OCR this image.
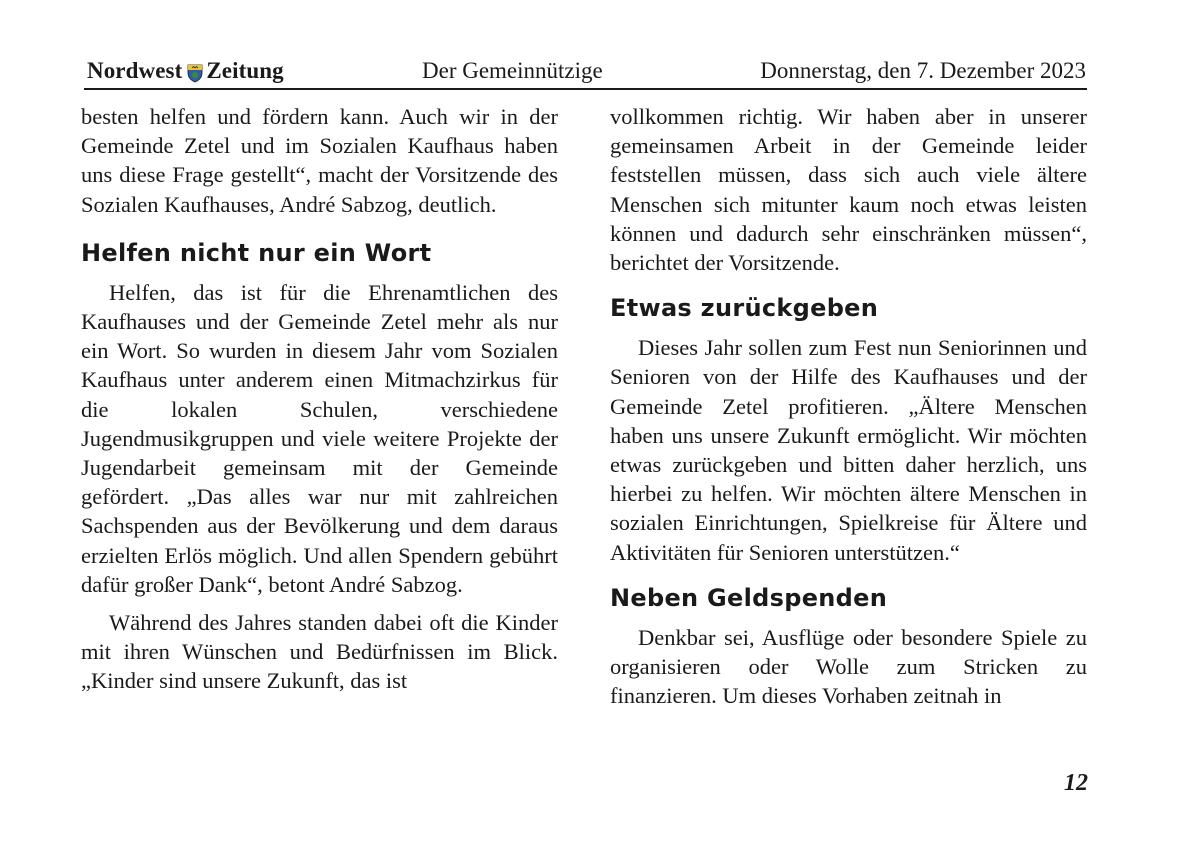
Nordwest Zeitung	Der Gemeinnützige	Donnerstag, den 7. Dezember 2023

besten helfen und fördern kann. Auch wir in der Gemeinde Zetel und im Sozialen Kaufhaus haben uns diese Frage gestellt“, macht der Vorsitzende des Sozialen Kaufhauses, André Sabzog, deutlich.

Helfen nicht nur ein Wort

Helfen, das ist für die Ehrenamtlichen des Kaufhauses und der Gemeinde Zetel mehr als nur ein Wort. So wurden in diesem Jahr vom Sozialen Kaufhaus unter anderem einen Mitmachzirkus für die lokalen Schulen, verschiedene Jugendmusikgruppen und viele weitere Projekte der Jugendarbeit gemeinsam mit der Gemeinde gefördert. „Das alles war nur mit zahlreichen Sachspenden aus der Bevölkerung und dem daraus erzielten Erlös möglich. Und allen Spendern gebührt dafür großer Dank“, betont André Sabzog.

Während des Jahres standen dabei oft die Kinder mit ihren Wünschen und Bedürfnissen im Blick. „Kinder sind unsere Zukunft, das ist

vollkommen richtig. Wir haben aber in unserer gemeinsamen Arbeit in der Gemeinde leider feststellen müssen, dass sich auch viele ältere Menschen sich mitunter kaum noch etwas leisten können und dadurch sehr einschränken müssen“, berichtet der Vorsitzende.

Etwas zurückgeben

Dieses Jahr sollen zum Fest nun Seniorinnen und Senioren von der Hilfe des Kaufhauses und der Gemeinde Zetel profitieren. „Ältere Menschen haben uns unsere Zukunft ermöglicht. Wir möchten etwas zurückgeben und bitten daher herzlich, uns hierbei zu helfen. Wir möchten ältere Menschen in sozialen Einrichtungen, Spielkreise für Ältere und Aktivitäten für Senioren unterstützen.“

Neben Geldspenden

Denkbar sei, Ausflüge oder besondere Spiele zu organisieren oder Wolle zum Stricken zu finanzieren. Um dieses Vorhaben zeitnah in

12
